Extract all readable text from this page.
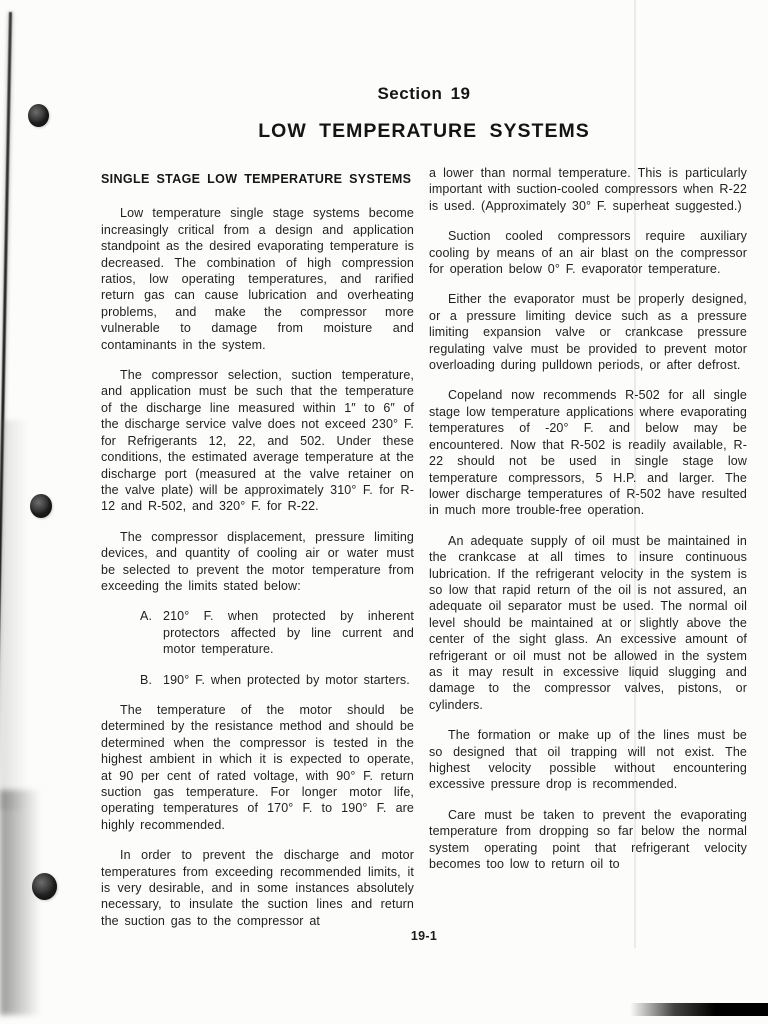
Section 19
LOW TEMPERATURE SYSTEMS
SINGLE STAGE LOW TEMPERATURE SYSTEMS

Low temperature single stage systems become increasingly critical from a design and application standpoint as the desired evaporating temperature is decreased. The combination of high compression ratios, low operating temperatures, and rarified return gas can cause lubrication and overheating problems, and make the compressor more vulnerable to damage from moisture and contaminants in the system.

The compressor selection, suction temperature, and application must be such that the temperature of the discharge line measured within 1″ to 6″ of the discharge service valve does not exceed 230° F. for Refrigerants 12, 22, and 502. Under these conditions, the estimated average temperature at the discharge port (measured at the valve retainer on the valve plate) will be approximately 310° F. for R-12 and R-502, and 320° F. for R-22.

The compressor displacement, pressure limiting devices, and quantity of cooling air or water must be selected to prevent the motor temperature from exceeding the limits stated below:

A. 210° F. when protected by inherent protectors affected by line current and motor temperature.
B. 190° F. when protected by motor starters.

The temperature of the motor should be determined by the resistance method and should be determined when the compressor is tested in the highest ambient in which it is expected to operate, at 90 per cent of rated voltage, with 90° F. return suction gas temperature. For longer motor life, operating temperatures of 170° F. to 190° F. are highly recommended.

In order to prevent the discharge and motor temperatures from exceeding recommended limits, it is very desirable, and in some instances absolutely necessary, to insulate the suction lines and return the suction gas to the compressor at

a lower than normal temperature. This is particularly important with suction-cooled compressors when R-22 is used. (Approximately 30° F. superheat suggested.)

Suction cooled compressors require auxiliary cooling by means of an air blast on the compressor for operation below 0° F. evaporator temperature.

Either the evaporator must be properly designed, or a pressure limiting device such as a pressure limiting expansion valve or crankcase pressure regulating valve must be provided to prevent motor overloading during pulldown periods, or after defrost.

Copeland now recommends R-502 for all single stage low temperature applications where evaporating temperatures of -20° F. and below may be encountered. Now that R-502 is readily available, R-22 should not be used in single stage low temperature compressors, 5 H.P. and larger. The lower discharge temperatures of R-502 have resulted in much more trouble-free operation.

An adequate supply of oil must be maintained in the crankcase at all times to insure continuous lubrication. If the refrigerant velocity in the system is so low that rapid return of the oil is not assured, an adequate oil separator must be used. The normal oil level should be maintained at or slightly above the center of the sight glass. An excessive amount of refrigerant or oil must not be allowed in the system as it may result in excessive liquid slugging and damage to the compressor valves, pistons, or cylinders.

The formation or make up of the lines must be so designed that oil trapping will not exist. The highest velocity possible without encountering excessive pressure drop is recommended.

Care must be taken to prevent the evaporating temperature from dropping so far below the normal system operating point that refrigerant velocity becomes too low to return oil to

19-1
